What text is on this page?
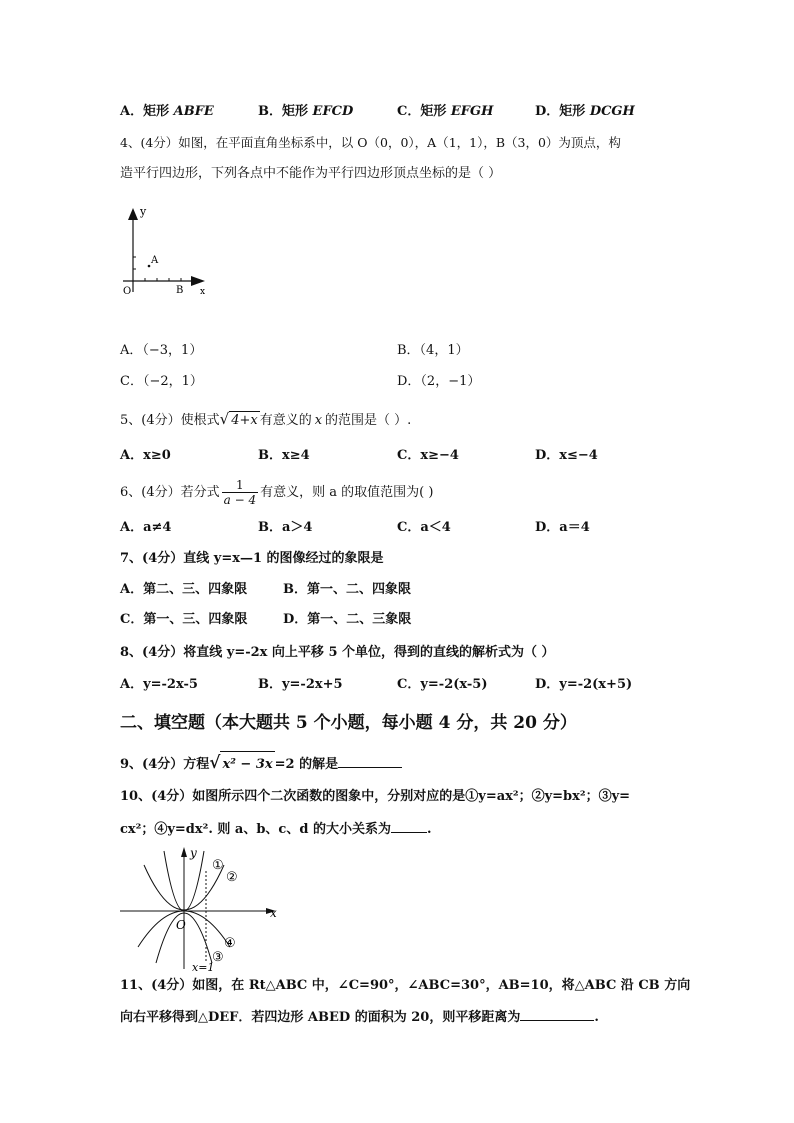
A．矩形 ABFE	B．矩形 EFCD	C．矩形 EFGH	D．矩形 DCGH
4、(4分）如图，在平面直角坐标系中，以 O（0，0），A（1，1），B（3，0）为顶点，构
造平行四边形，下列各点中不能作为平行四边形顶点坐标的是（ ）
y
x
A
O	B
A．（−3，1）	B．（4，1）
C．（−2，1）	D．（2，−1）
5、(4分）使根式√ 4+x 有意义的 x 的范围是（ ）.
A．x≥0	B．x≥4	C．x≥−4	D．x≤−4
6、(4分）若分式 $\frac{1}{a - 4}$ 有意义，则 a 的取值范围为( )
A．a≠4	B．a＞4	C．a＜4	D．a＝4
7、(4分）直线 y=x—1 的图像经过的象限是
A．第二、三、四象限	B．第一、二、四象限
C．第一、三、四象限	D．第一、二、三象限
8、(4分）将直线 y=-2x 向上平移 5 个单位，得到的直线的解析式为（ ）
A．y=-2x-5	B．y=-2x+5	C．y=-2(x-5)	D．y=-2(x+5)
二、填空题（本大题共 5 个小题，每小题 4 分，共 20 分）
9、(4分）方程√ x² − 3x =2 的解是
10、(4分）如图所示四个二次函数的图象中，分别对应的是①y=ax²；②y=bx²；③y=
cx²；④y=dx². 则 a、b、c、d 的大小关系为	.
y
x
O
①
②
③
④
x=1
11、(4分）如图，在 Rt△ABC 中，∠C=90°，∠ABC=30°，AB=10，将△ABC 沿 CB 方向
向右平移得到△DEF．若四边形 ABED 的面积为 20，则平移距离为	.
